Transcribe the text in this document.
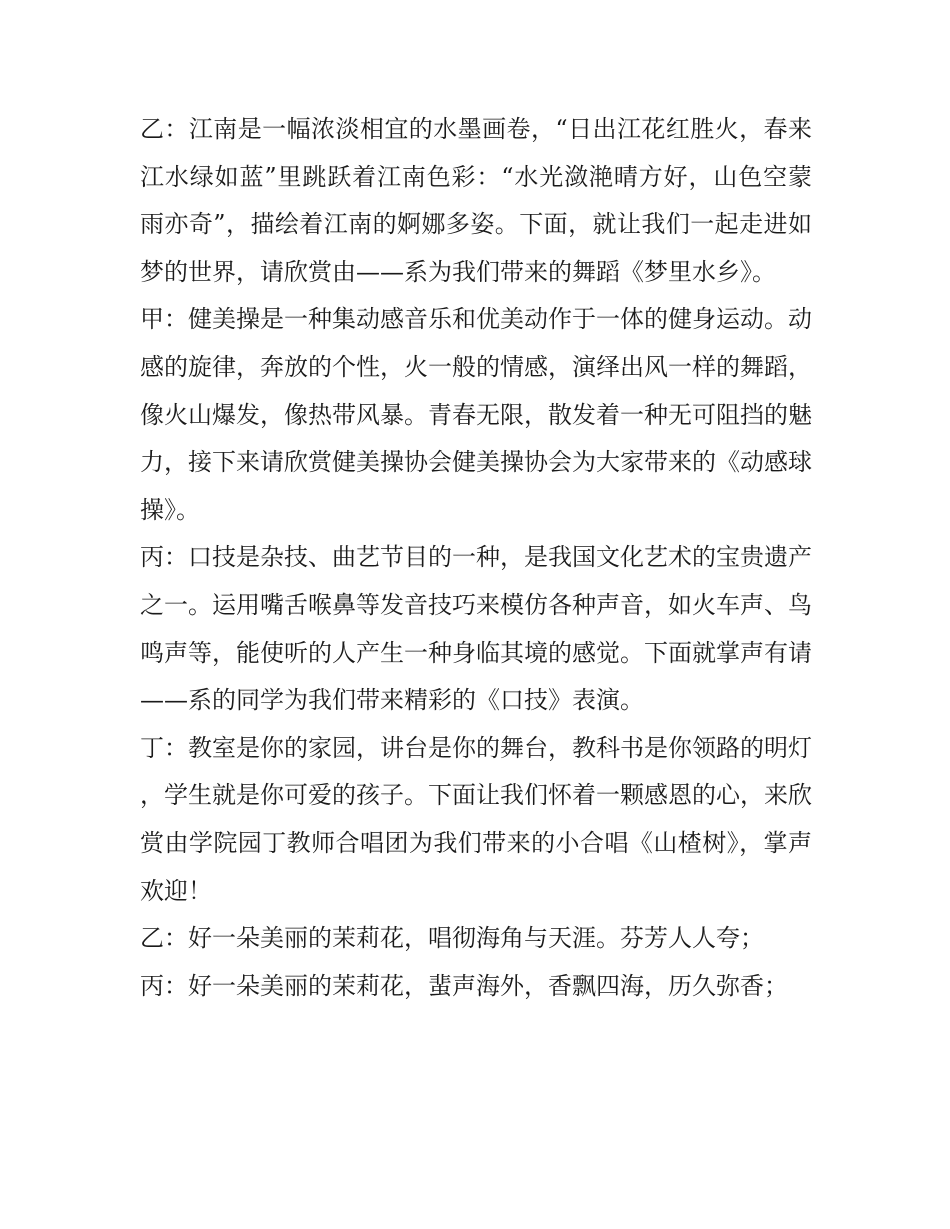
乙：江南是一幅浓淡相宜的水墨画卷，“日出江花红胜火，春来江水绿如蓝”里跳跃着江南色彩：“水光潋滟晴方好，山色空蒙雨亦奇”，描绘着江南的婀娜多姿。下面，就让我们一起走进如梦的世界，请欣赏由——系为我们带来的舞蹈《梦里水乡》。

甲：健美操是一种集动感音乐和优美动作于一体的健身运动。动感的旋律，奔放的个性，火一般的情感，演绎出风一样的舞蹈，像火山爆发，像热带风暴。青春无限，散发着一种无可阻挡的魅力，接下来请欣赏健美操协会健美操协会为大家带来的《动感球操》。

丙：口技是杂技、曲艺节目的一种，是我国文化艺术的宝贵遗产之一。运用嘴舌喉鼻等发音技巧来模仿各种声音，如火车声、鸟鸣声等，能使听的人产生一种身临其境的感觉。下面就掌声有请——系的同学为我们带来精彩的《口技》表演。

丁：教室是你的家园，讲台是你的舞台，教科书是你领路的明灯，学生就是你可爱的孩子。下面让我们怀着一颗感恩的心，来欣赏由学院园丁教师合唱团为我们带来的小合唱《山楂树》，掌声欢迎！

乙：好一朵美丽的茉莉花，唱彻海角与天涯。芬芳人人夸；

丙：好一朵美丽的茉莉花，蜚声海外，香飘四海，历久弥香；
